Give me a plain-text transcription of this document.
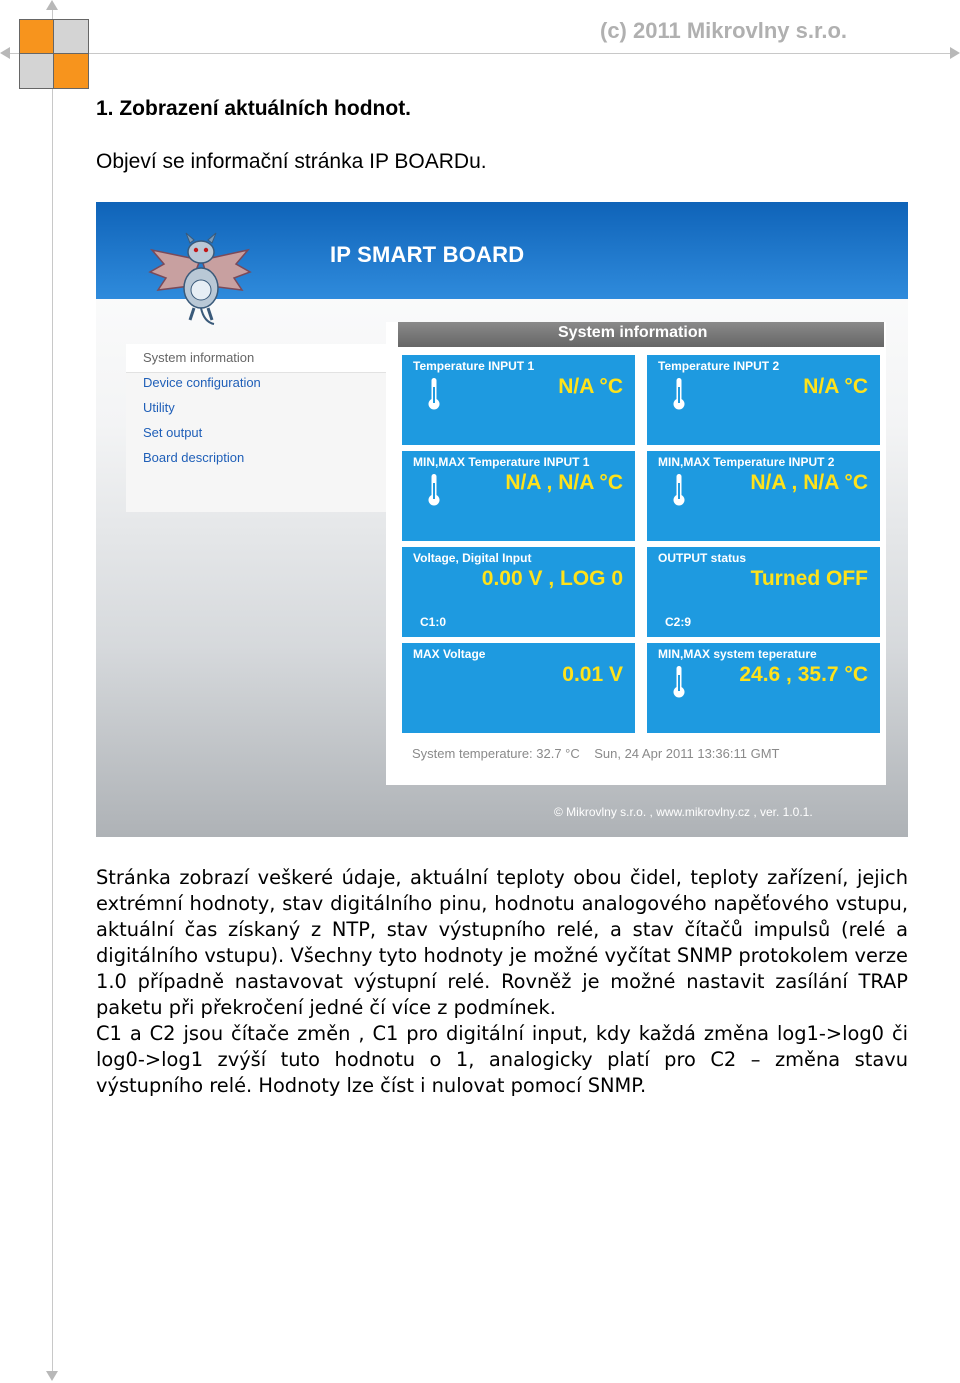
(c) 2011 Mikrovlny s.r.o.
1. Zobrazení aktuálních hodnot.
Objeví se informační stránka IP BOARDu.
IP SMART BOARD
System information
Device configuration
Utility
Set output
Board description
System information
Temperature INPUT 1
N/A °C
Temperature INPUT 2
N/A °C
MIN,MAX Temperature INPUT 1
N/A , N/A °C
MIN,MAX Temperature INPUT 2
N/A , N/A °C
Voltage, Digital Input
0.00 V , LOG 0
C1:0
OUTPUT status
Turned OFF
C2:9
MAX Voltage
0.01 V
MIN,MAX system teperature
24.6 , 35.7 °C
System temperature: 32.7 °C    Sun, 24 Apr 2011 13:36:11 GMT
© Mikrovlny s.r.o. , www.mikrovlny.cz , ver. 1.0.1.

Stránka zobrazí veškeré údaje, aktuální teploty obou čidel, teploty zařízení, jejich extrémní hodnoty, stav digitálního pinu, hodnotu analogového napěťového vstupu, aktuální čas získaný z NTP, stav výstupního relé, a stav čítačů impulsů (relé a digitálního vstupu). Všechny tyto hodnoty je možné vyčítat SNMP protokolem verze 1.0 případně nastavovat výstupní relé. Rovněž je možné nastavit zasílání TRAP paketu při překročení jedné čí více z podmínek.

C1 a C2 jsou čítače změn , C1 pro digitální input, kdy každá změna log1->log0 či log0->log1 zvýší tuto hodnotu o 1, analogicky platí pro C2 – změna stavu výstupního relé. Hodnoty lze číst i nulovat pomocí SNMP.
